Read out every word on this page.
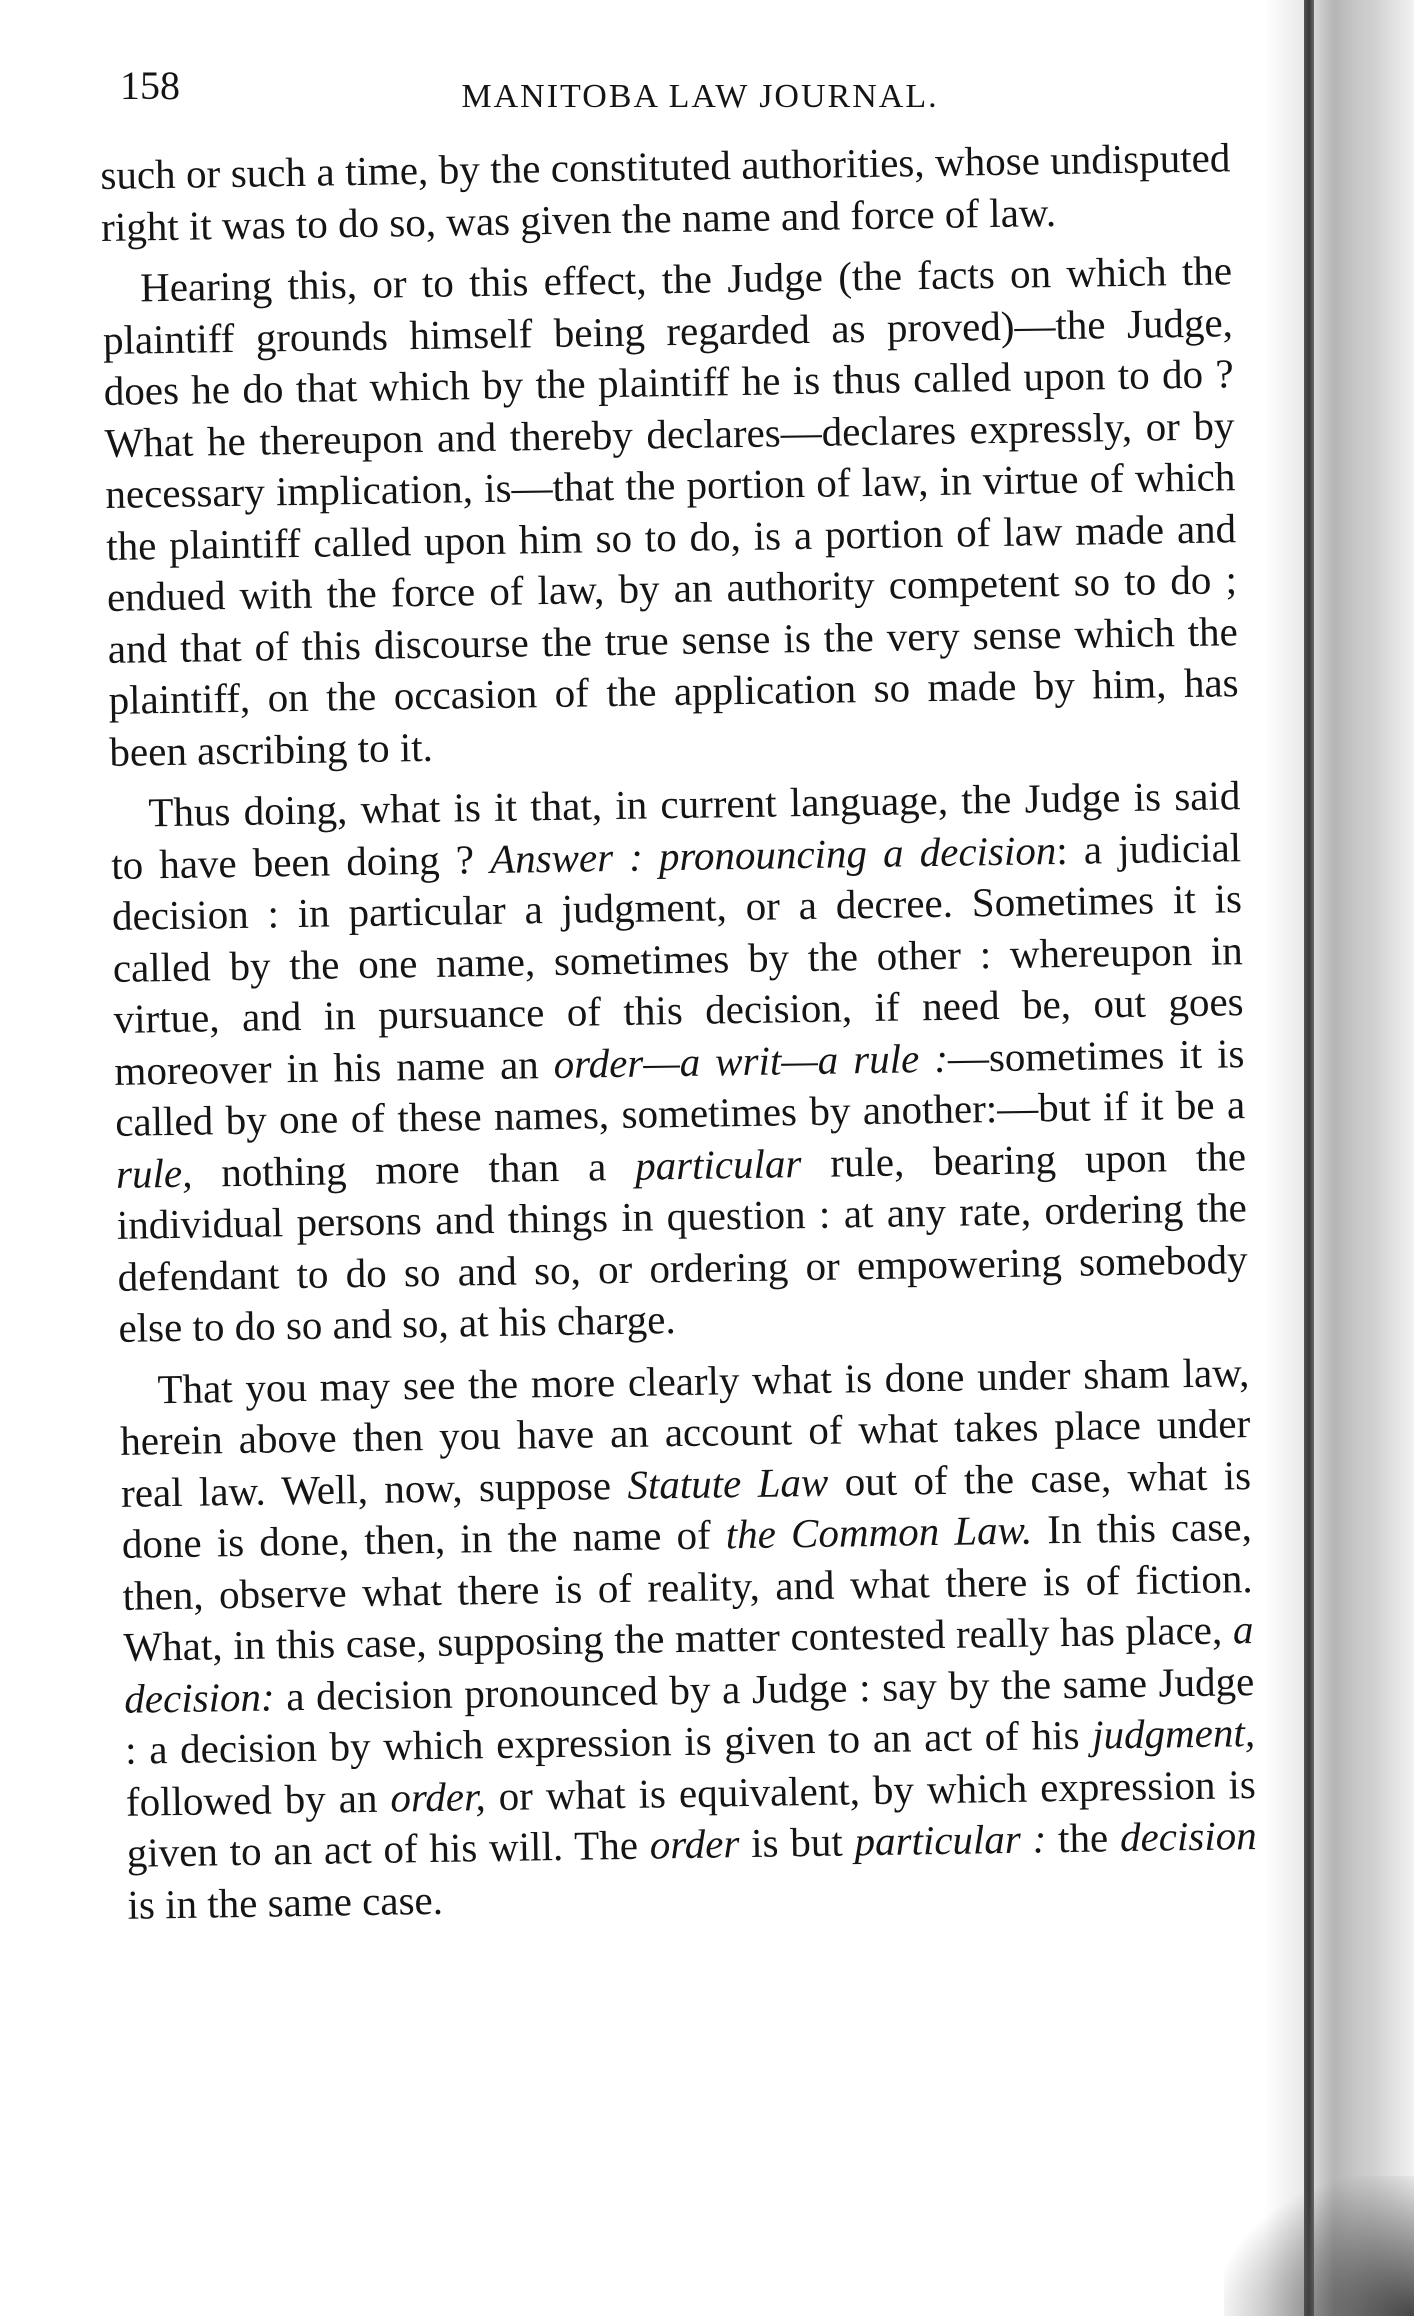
158	MANITOBA LAW JOURNAL.

such or such a time, by the constituted authorities, whose undisputed right it was to do so, was given the name and force of law.

Hearing this, or to this effect, the Judge (the facts on which the plaintiff grounds himself being regarded as proved)—the Judge, does he do that which by the plaintiff he is thus called upon to do ? What he thereupon and thereby declares—declares expressly, or by necessary implication, is—that the portion of law, in virtue of which the plaintiff called upon him so to do, is a portion of law made and endued with the force of law, by an authority competent so to do ; and that of this discourse the true sense is the very sense which the plaintiff, on the occasion of the application so made by him, has been ascribing to it.

Thus doing, what is it that, in current language, the Judge is said to have been doing ? Answer : pronouncing a decision: a judicial decision : in particular a judgment, or a decree. Sometimes it is called by the one name, sometimes by the other : whereupon in virtue, and in pursuance of this decision, if need be, out goes moreover in his name an order—a writ—a rule :—sometimes it is called by one of these names, sometimes by another:—but if it be a rule, nothing more than a particular rule, bearing upon the individual persons and things in question : at any rate, ordering the defendant to do so and so, or ordering or empowering somebody else to do so and so, at his charge.

That you may see the more clearly what is done under sham law, herein above then you have an account of what takes place under real law. Well, now, suppose Statute Law out of the case, what is done is done, then, in the name of the Common Law. In this case, then, observe what there is of reality, and what there is of fiction. What, in this case, supposing the matter contested really has place, a decision: a decision pronounced by a Judge : say by the same Judge : a decision by which expression is given to an act of his judgment, followed by an order, or what is equivalent, by which expression is given to an act of his will. The order is but particular : the decision is in the same case.
